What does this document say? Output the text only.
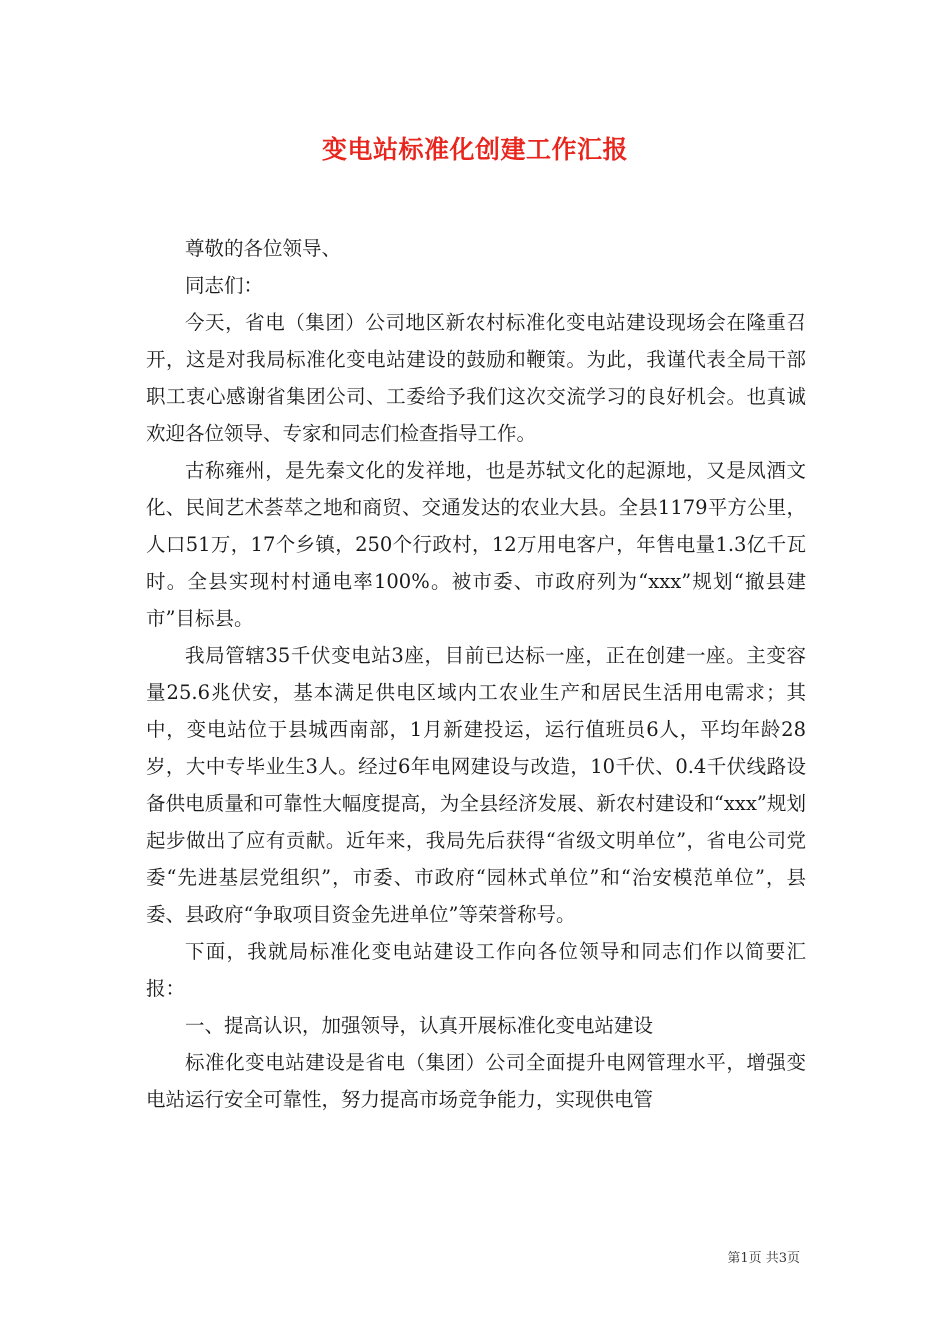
变电站标准化创建工作汇报

尊敬的各位领导、

同志们：

今天，省电（集团）公司地区新农村标准化变电站建设现场会在隆重召开，这是对我局标准化变电站建设的鼓励和鞭策。为此，我谨代表全局干部职工衷心感谢省集团公司、工委给予我们这次交流学习的良好机会。也真诚欢迎各位领导、专家和同志们检查指导工作。

古称雍州，是先秦文化的发祥地，也是苏轼文化的起源地，又是凤酒文化、民间艺术荟萃之地和商贸、交通发达的农业大县。全县1179平方公里，人口51万，17个乡镇，250个行政村，12万用电客户，年售电量1.3亿千瓦时。全县实现村村通电率100%。被市委、市政府列为“xxx”规划“撤县建市”目标县。

我局管辖35千伏变电站3座，目前已达标一座，正在创建一座。主变容量25.6兆伏安，基本满足供电区域内工农业生产和居民生活用电需求；其中，变电站位于县城西南部，1月新建投运，运行值班员6人，平均年龄28岁，大中专毕业生3人。经过6年电网建设与改造，10千伏、0.4千伏线路设备供电质量和可靠性大幅度提高，为全县经济发展、新农村建设和“xxx”规划起步做出了应有贡献。近年来，我局先后获得“省级文明单位”，省电公司党委“先进基层党组织”，市委、市政府“园林式单位”和“治安模范单位”，县委、县政府“争取项目资金先进单位”等荣誉称号。

下面，我就局标准化变电站建设工作向各位领导和同志们作以简要汇报：

一、提高认识，加强领导，认真开展标准化变电站建设

标准化变电站建设是省电（集团）公司全面提升电网管理水平，增强变电站运行安全可靠性，努力提高市场竞争能力，实现供电管

第1页 共3页
